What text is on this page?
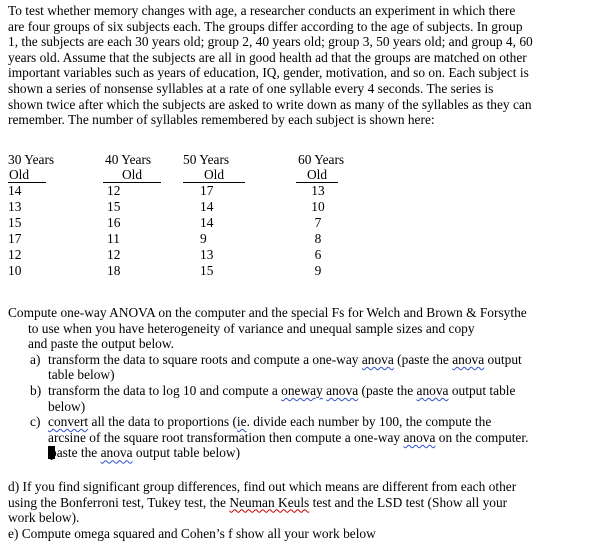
To test whether memory changes with age, a researcher conducts an experiment in which there
are four groups of six subjects each. The groups differ according to the age of subjects. In group
1, the subjects are each 30 years old; group 2, 40 years old; group 3, 50 years old; and group 4, 60
years old. Assume that the subjects are all in good health ad that the groups are matched on other
important variables such as years of education, IQ, gender, motivation, and so on. Each subject is
shown a series of nonsense syllables at a rate of one syllable every 4 seconds. The series is
shown twice after which the subjects are asked to write down as many of the syllables as they can
remember. The number of syllables remembered by each subject is shown here:
30 Years
Old
14
13
15
17
12
10
40 Years
Old
12
15
16
11
12
18
50 Years
Old
17
14
14
9
13
15
60 Years
Old
13
10
7
8
6
9
Compute one-way ANOVA on the computer and the special Fs for Welch and Brown & Forsythe
to use when you have heterogeneity of variance and unequal sample sizes and copy
and paste the output below.
a) transform the data to square roots and compute a one-way anova (paste the anova output
table below)
b) transform the data to log 10 and compute a oneway anova (paste the anova output table
below)
c) convert all the data to proportions (ie. divide each number by 100, the compute the
arcsine of the square root transformation then compute a one-way anova on the computer.
paste the anova output table below)
d) If you find significant group differences, find out which means are different from each other
using the Bonferroni test, Tukey test, the Neuman Keuls test and the LSD test (Show all your
work below).
e) Compute omega squared and Cohen’s f show all your work below
